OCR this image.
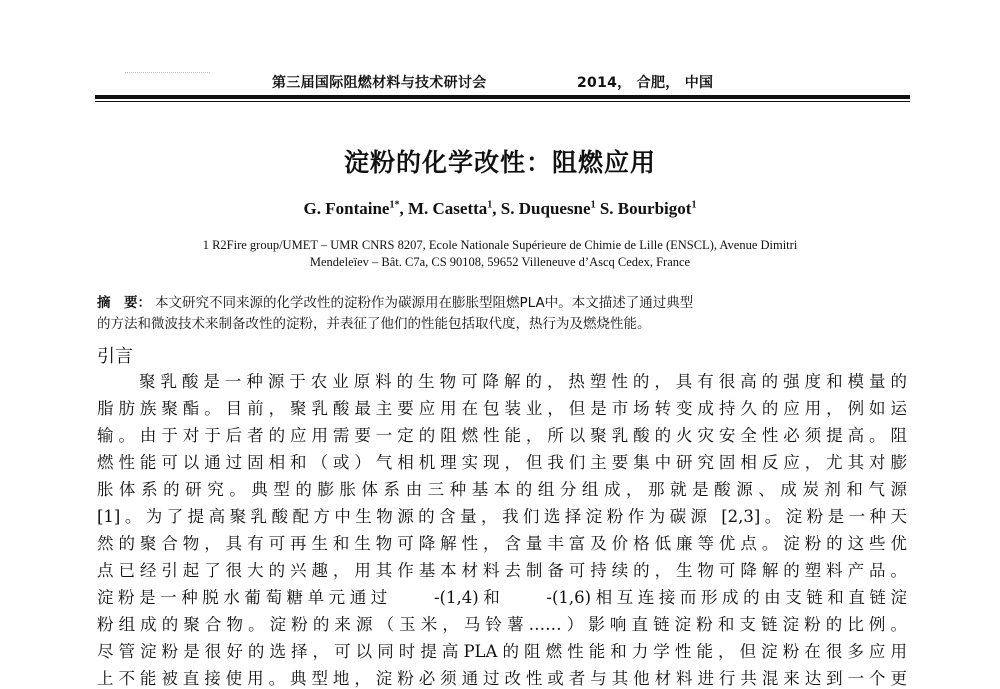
第三届国际阻燃材料与技术研讨会	2014， 合肥， 中国
淀粉的化学改性：阻燃应用
G. Fontaine$^{1*}$, M. Casetta$^1$, S. Duquesne$^1$ S. Bourbigot$^1$
1 R2Fire group/UMET – UMR CNRS 8207, Ecole Nationale Supérieure de Chimie de Lille (ENSCL), Avenue Dimitri
Mendeleïev – Bât. C7a, CS 90108, 59652 Villeneuve d’Ascq Cedex, France
摘　要： 本文研究不同来源的化学改性的淀粉作为碳源用在膨胀型阻燃PLA中。本文描述了通过典型
的方法和微波技术来制备改性的淀粉，并表征了他们的性能包括取代度，热行为及燃烧性能。
引言
聚乳酸是一种源于农业原料的生物可降解的，热塑性的，具有很高的强度和模量的
脂肪族聚酯。目前，聚乳酸最主要应用在包装业，但是市场转变成持久的应用，例如运
输。由于对于后者的应用需要一定的阻燃性能，所以聚乳酸的火灾安全性必须提高。阻
燃性能可以通过固相和（或）气相机理实现，但我们主要集中研究固相反应，尤其对膨
胀体系的研究。典型的膨胀体系由三种基本的组分组成，那就是酸源、成炭剂和气源
[1]。为了提高聚乳酸配方中生物源的含量，我们选择淀粉作为碳源 [2,3]。淀粉是一种天
然的聚合物，具有可再生和生物可降解性，含量丰富及价格低廉等优点。淀粉的这些优
点已经引起了很大的兴趣，用其作基本材料去制备可持续的，生物可降解的塑料产品。
淀粉是一种脱水葡萄糖单元通过　　-(1,4)和　　-(1,6)相互连接而形成的由支链和直链淀
粉组成的聚合物。淀粉的来源（玉米，马铃薯……）影响直链淀粉和支链淀粉的比例。
尽管淀粉是很好的选择，可以同时提高PLA的阻燃性能和力学性能，但淀粉在很多应用
上不能被直接使用。典型地，淀粉必须通过改性或者与其他材料进行共混来达到一个更
